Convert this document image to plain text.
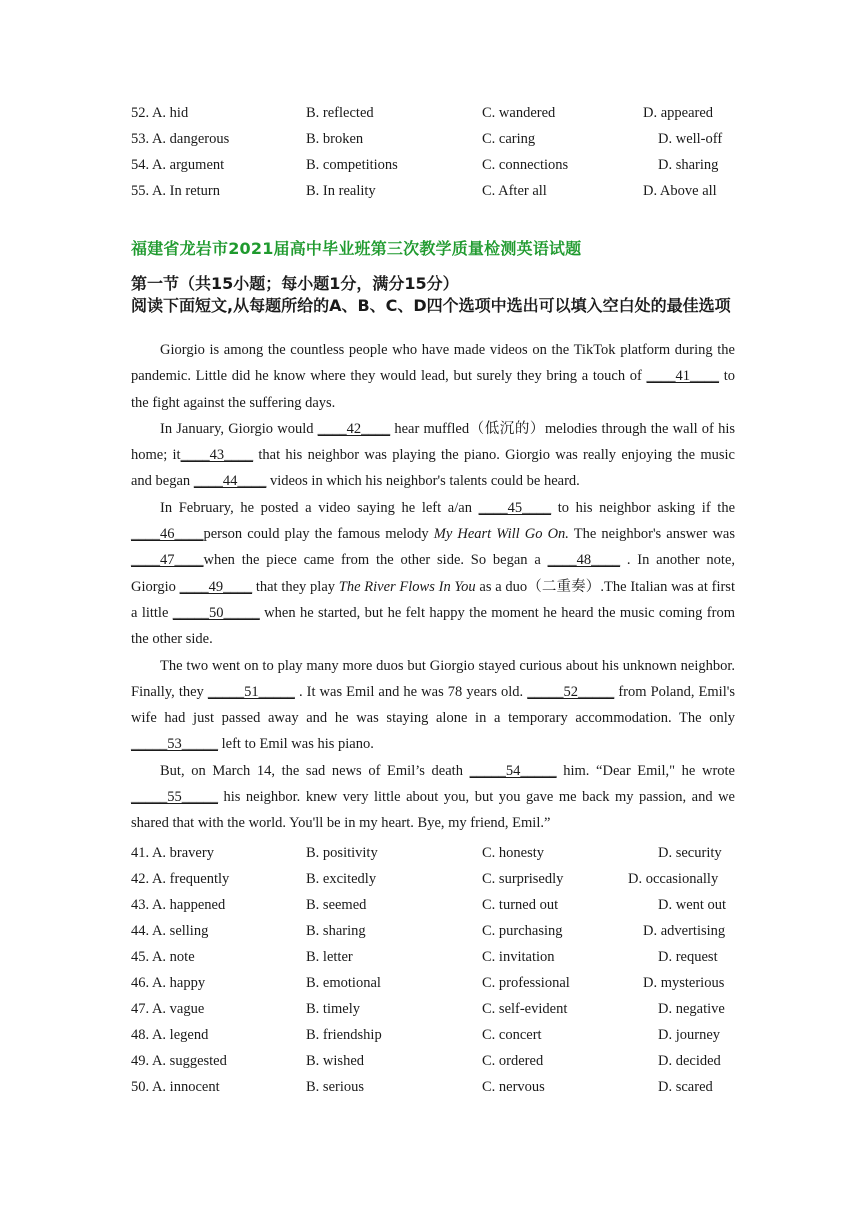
52. A. hid	B. reflected	C. wandered	D. appeared
53. A. dangerous	B. broken	C. caring	D. well-off
54. A. argument	B. competitions	C. connections	D. sharing
55. A. In return	B. In reality	C. After all	D. Above all
福建省龙岩市2021届高中毕业班第三次教学质量检测英语试题
第一节（共15小题；每小题1分，满分15分）
阅读下面短文,从每题所给的A、B、C、D四个选项中选出可以填入空白处的最佳选项

Giorgio is among the countless people who have made videos on the TikTok platform during the pandemic. Little did he know where they would lead, but surely they bring a touch of ____41____ to the fight against the suffering days.

In January, Giorgio would ____42____ hear muffled（低沉的）melodies through the wall of his home; it____43____ that his neighbor was playing the piano. Giorgio was really enjoying the music and began ____44____ videos in which his neighbor's talents could be heard.

In February, he posted a video saying he left a/an ____45____ to his neighbor asking if the ____46____person could play the famous melody My Heart Will Go On. The neighbor's answer was ____47____when the piece came from the other side. So began a ____48____ . In another note, Giorgio ____49____ that they play The River Flows In You as a duo（二重奏）.The Italian was at first a little _____50_____ when he started, but he felt happy the moment he heard the music coming from the other side.

The two went on to play many more duos but Giorgio stayed curious about his unknown neighbor. Finally, they _____51_____ . It was Emil and he was 78 years old. _____52_____ from Poland, Emil's wife had just passed away and he was staying alone in a temporary accommodation. The only _____53_____ left to Emil was his piano.

But, on March 14, the sad news of Emil’s death _____54_____ him. “Dear Emil," he wrote _____55_____ his neighbor. knew very little about you, but you gave me back my passion, and we shared that with the world. You'll be in my heart. Bye, my friend, Emil.”

41. A. bravery	B. positivity	C. honesty	D. security
42. A. frequently	B. excitedly	C. surprisedly	D. occasionally
43. A. happened	B. seemed	C. turned out	D. went out
44. A. selling	B. sharing	C. purchasing	D. advertising
45. A. note	B. letter	C. invitation	D. request
46. A. happy	B. emotional	C. professional	D. mysterious
47. A. vague	B. timely	C. self-evident	D. negative
48. A. legend	B. friendship	C. concert	D. journey
49. A. suggested	B. wished	C. ordered	D. decided
50. A. innocent	B. serious	C. nervous	D. scared
